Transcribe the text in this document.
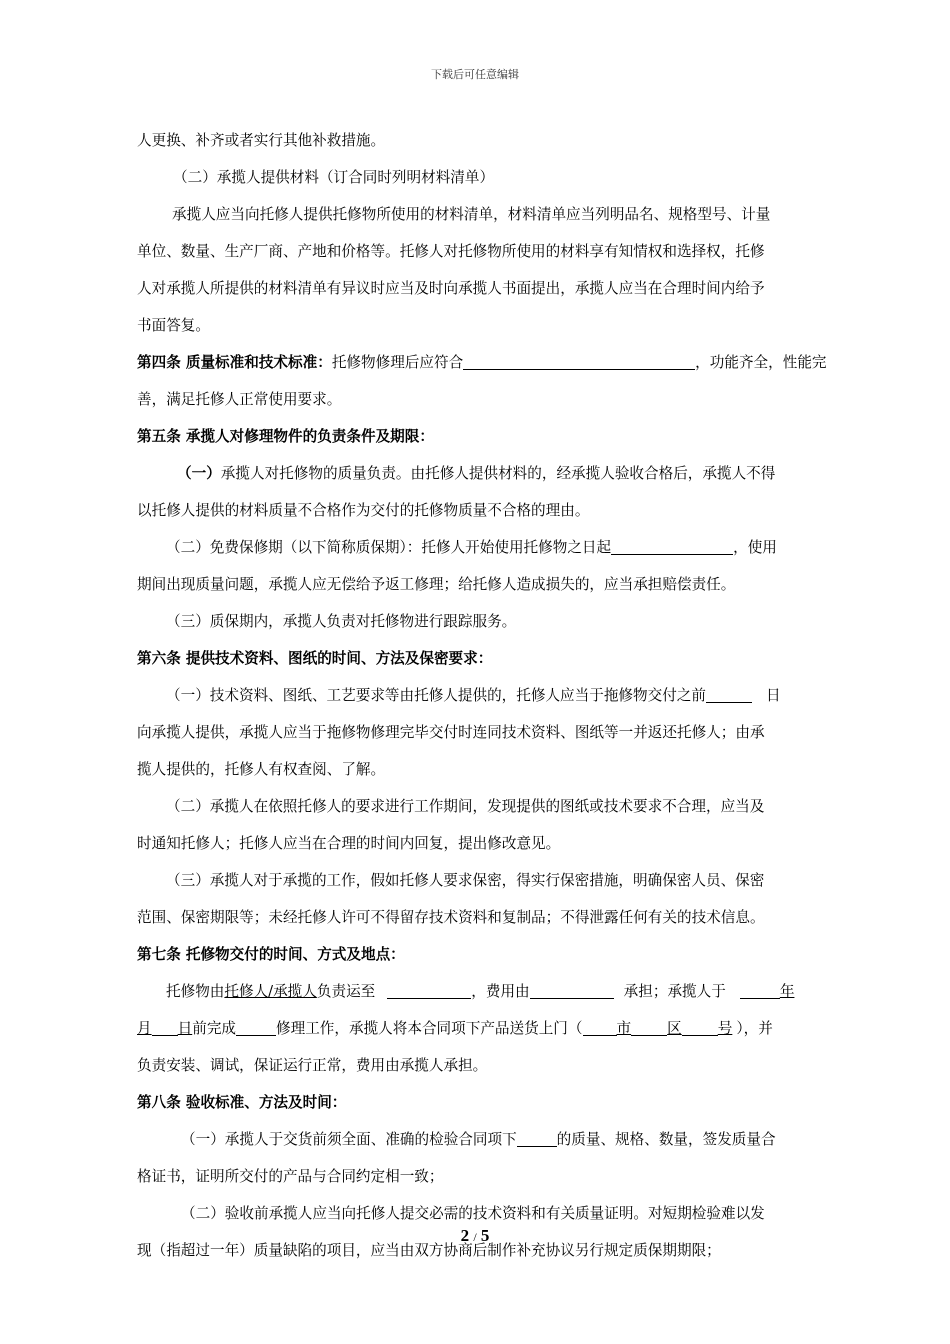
下载后可任意编辑
人更换、补齐或者实行其他补救措施。
（二）承揽人提供材料（订合同时列明材料清单）
承揽人应当向托修人提供托修物所使用的材料清单，材料清单应当列明品名、规格型号、计量
单位、数量、生产厂商、产地和价格等。托修人对托修物所使用的材料享有知情权和选择权，托修
人对承揽人所提供的材料清单有异议时应当及时向承揽人书面提出，承揽人应当在合理时间内给予
书面答复。
第四条 质量标准和技术标准：托修物修理后应符合	，功能齐全，性能完
善，满足托修人正常使用要求。
第五条 承揽人对修理物件的负责条件及期限：
（一）承揽人对托修物的质量负责。由托修人提供材料的，经承揽人验收合格后，承揽人不得
以托修人提供的材料质量不合格作为交付的托修物质量不合格的理由。
（二）免费保修期（以下简称质保期）：托修人开始使用托修物之日起	，使用
期间出现质量问题，承揽人应无偿给予返工修理；给托修人造成损失的，应当承担赔偿责任。
（三）质保期内，承揽人负责对托修物进行跟踪服务。
第六条 提供技术资料、图纸的时间、方法及保密要求：
（一）技术资料、图纸、工艺要求等由托修人提供的，托修人应当于拖修物交付之前	日
向承揽人提供，承揽人应当于拖修物修理完毕交付时连同技术资料、图纸等一并返还托修人；由承
揽人提供的，托修人有权查阅、了解。
（二）承揽人在依照托修人的要求进行工作期间，发现提供的图纸或技术要求不合理，应当及
时通知托修人；托修人应当在合理的时间内回复，提出修改意见。
（三）承揽人对于承揽的工作，假如托修人要求保密，得实行保密措施，明确保密人员、保密
范围、保密期限等；未经托修人许可不得留存技术资料和复制品；不得泄露任何有关的技术信息。
第七条 托修物交付的时间、方式及地点：
托修物由托修人/承揽人负责运至	，费用由	承担；承揽人于	年
月 日前完成	修理工作，承揽人将本合同项下产品送货上门（ 市 区 号 ），并
负责安装、调试，保证运行正常，费用由承揽人承担。
第八条 验收标准、方法及时间：
（一）承揽人于交货前须全面、准确的检验合同项下	的质量、规格、数量，签发质量合
格证书，证明所交付的产品与合同约定相一致；
（二）验收前承揽人应当向托修人提交必需的技术资料和有关质量证明。对短期检验难以发
现（指超过一年）质量缺陷的项目，应当由双方协商后制作补充协议另行规定质保期期限；
2 / 5
